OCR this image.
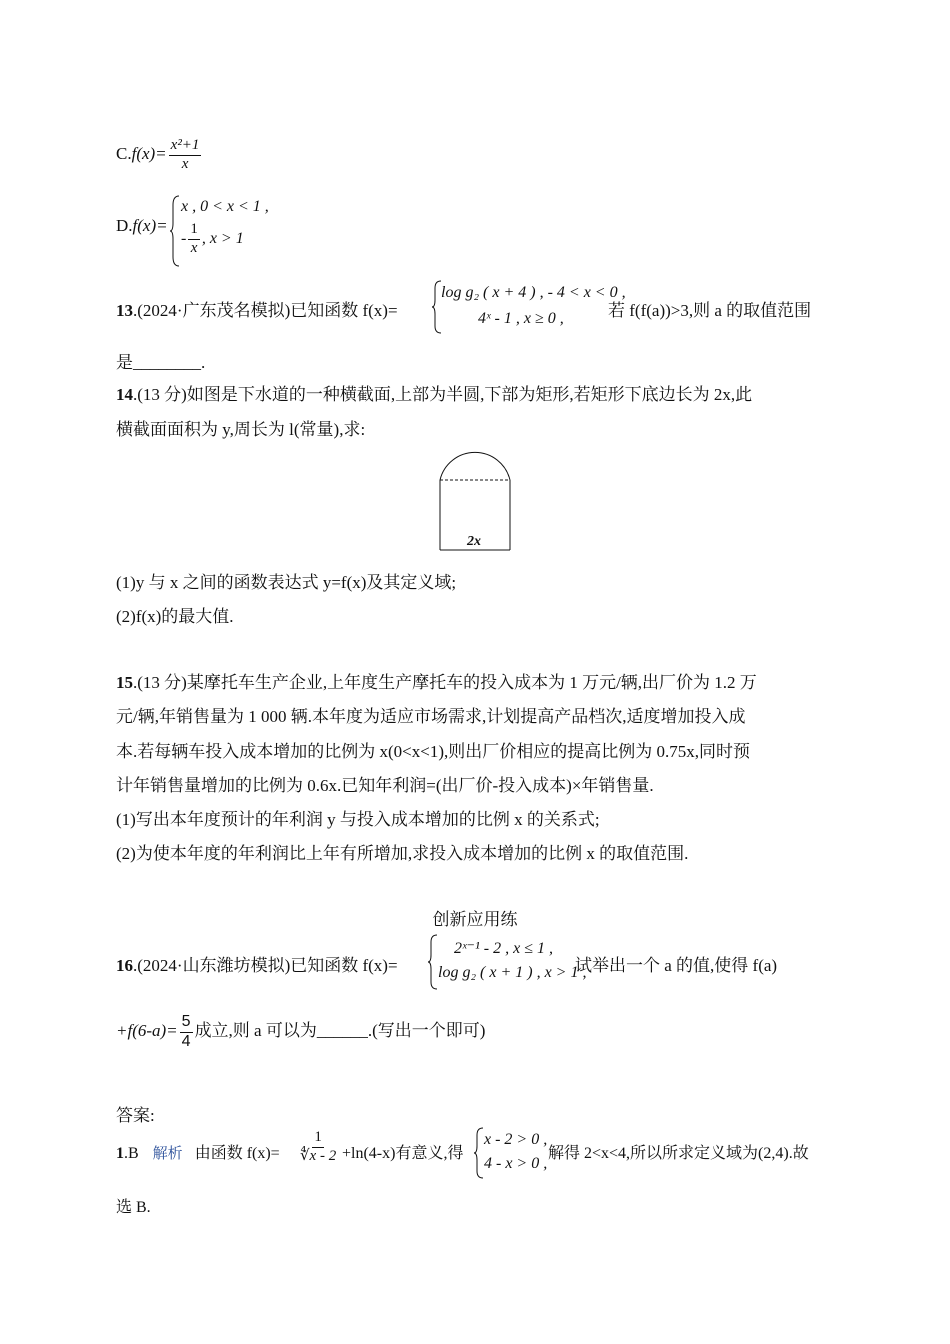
$C.f(x)= \frac{\text{x²+1}}{x}$
D.f(x)=
x , 0 < x < 1 ,
- $\frac{1}{x}$ , x > 1
13.(2024·广东茂名模拟)已知函数 f(x)=
log g₂ ( x + 4 ) , - 4 < x < 0 ,
4ˣ - 1 , x ≥ 0 ,	若 f(f(a))>3,则 a 的取值范围
是________.
14.(13 分)如图是下水道的一种横截面,上部为半圆,下部为矩形,若矩形下底边长为 2x,此
横截面面积为 y,周长为 l(常量),求:
2x
(1)y 与 x 之间的函数表达式 y=f(x)及其定义域;
(2)f(x)的最大值.
15.(13 分)某摩托车生产企业,上年度生产摩托车的投入成本为 1 万元/辆,出厂价为 1.2 万
元/辆,年销售量为 1 000 辆.本年度为适应市场需求,计划提高产品档次,适度增加投入成
本.若每辆车投入成本增加的比例为 x(0<x<1),则出厂价相应的提高比例为 0.75x,同时预
计年销售量增加的比例为 0.6x.已知年利润=(出厂价-投入成本)×年销售量.
(1)写出本年度预计的年利润 y 与投入成本增加的比例 x 的关系式;
(2)为使本年度的年利润比上年有所增加,求投入成本增加的比例 x 的取值范围.
创新应用练
16.(2024·山东潍坊模拟)已知函数 f(x)=
2ˣ⁻¹ - 2 , x ≤ 1 ,
log g₂ ( x + 1 ) , x > 1 ,
试举出一个 a 的值,使得 f(a)
$+f(6-a)= \frac{5}{4}$ 成立,则 a 可以为______.(写出一个即可)
答案:
1.B 解析 由函数 $f(x)= \frac{1}{∜x - 2} +\ln(4-x)$有意义,得
x - 2 > 0 ,
4 - x > 0 ,
解得 2<x<4,所以所求定义域为(2,4).故
选 B.
